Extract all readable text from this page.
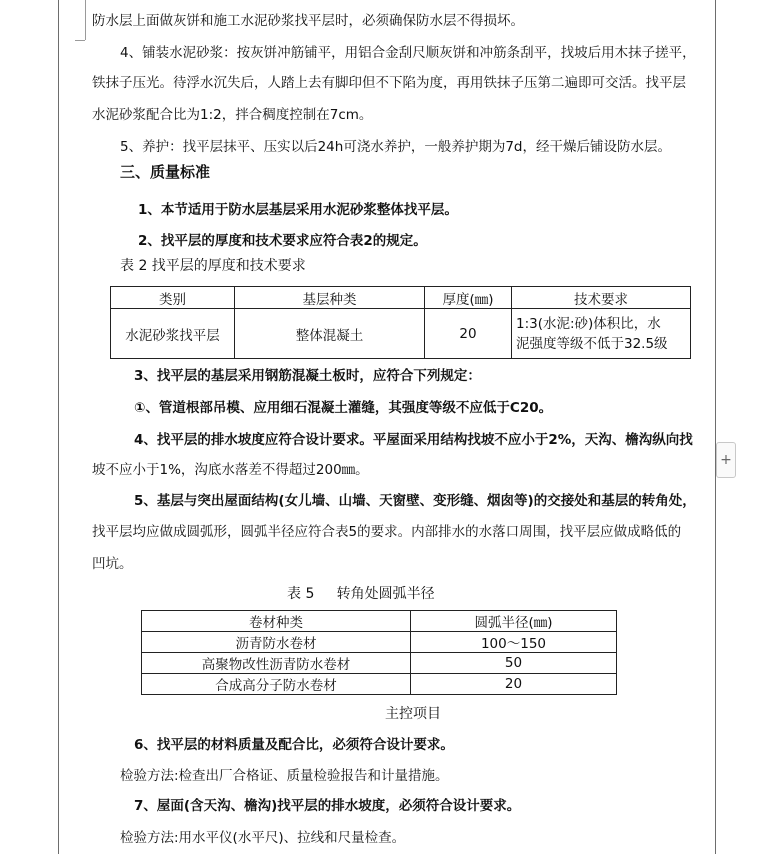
防水层上面做灰饼和施工水泥砂浆找平层时，必须确保防水层不得损坏。
4、铺装水泥砂浆：按灰饼冲筋铺平，用铝合金刮尺顺灰饼和冲筋条刮平，找坡后用木抹子搓平，
铁抹子压光。待浮水沉失后，人踏上去有脚印但不下陷为度，再用铁抹子压第二遍即可交活。找平层
水泥砂浆配合比为1:2，拌合稠度控制在7cm。
5、养护：找平层抹平、压实以后24h可浇水养护，一般养护期为7d，经干燥后铺设防水层。
三、质量标准
1、本节适用于防水层基层采用水泥砂浆整体找平层。
2、找平层的厚度和技术要求应符合表2的规定。
表 2 找平层的厚度和技术要求
类别	基层种类	厚度(㎜)	技术要求
水泥砂浆找平层	整体混凝土	20	1:3(水泥:砂)体积比，水
泥强度等级不低于32.5级
3、找平层的基层采用钢筋混凝土板时，应符合下列规定：
①、管道根部吊模、应用细石混凝土灌缝，其强度等级不应低于C20。
4、找平层的排水坡度应符合设计要求。平屋面采用结构找坡不应小于2%，天沟、檐沟纵向找
坡不应小于1%，沟底水落差不得超过200㎜。
5、基层与突出屋面结构(女儿墙、山墙、天窗壁、变形缝、烟囱等)的交接处和基层的转角处，
找平层均应做成圆弧形，圆弧半径应符合表5的要求。内部排水的水落口周围，找平层应做成略低的
凹坑。
表 5 转角处圆弧半径
卷材种类	圆弧半径(㎜)
沥青防水卷材	100～150
高聚物改性沥青防水卷材	50
合成高分子防水卷材	20
主控项目
6、找平层的材料质量及配合比，必须符合设计要求。
检验方法:检查出厂合格证、质量检验报告和计量措施。
7、屋面(含天沟、檐沟)找平层的排水坡度，必须符合设计要求。
检验方法:用水平仪(水平尺)、拉线和尺量检查。
+
